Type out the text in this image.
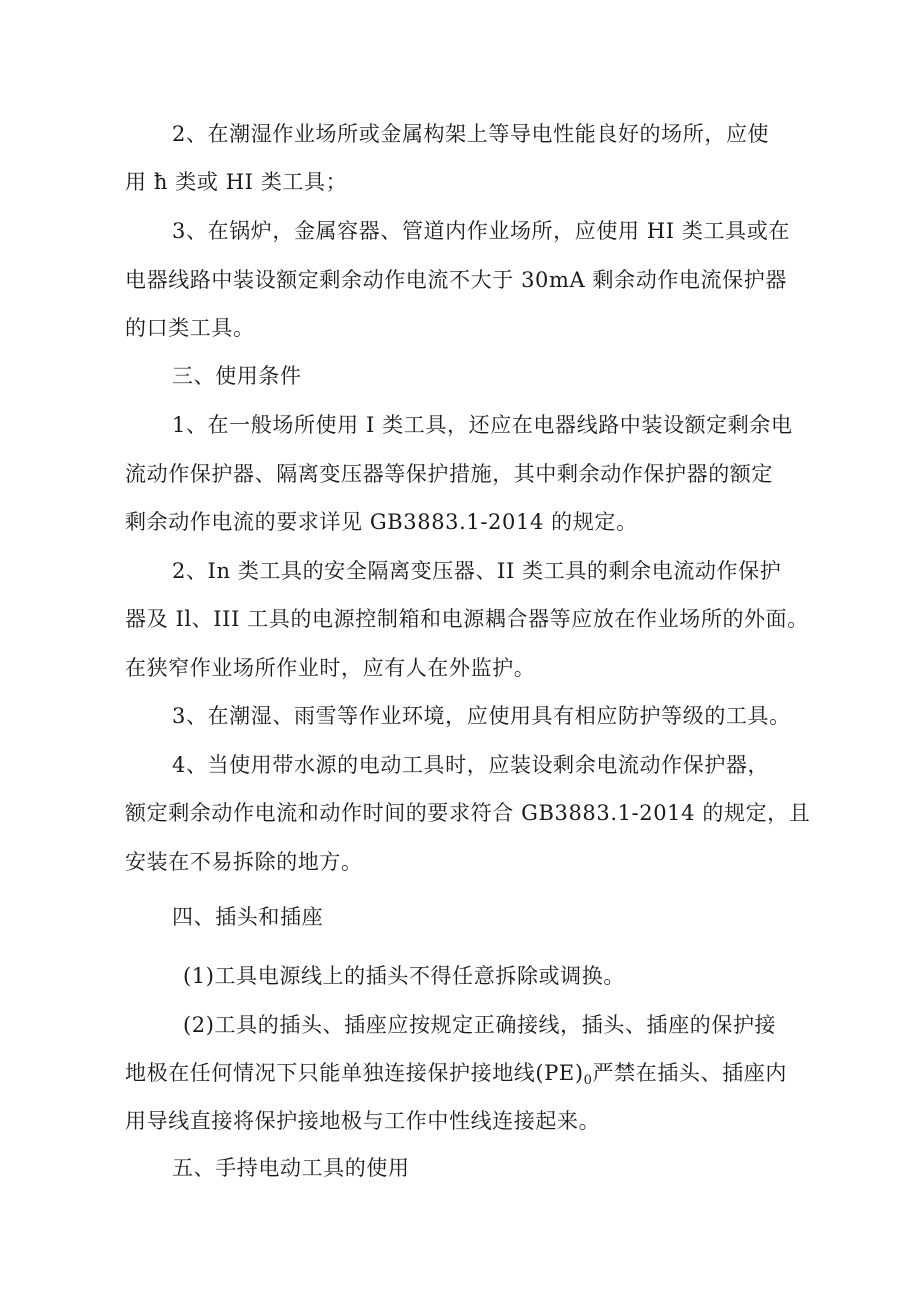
2、在潮湿作业场所或金属构架上等导电性能良好的场所，应使
用 ħ 类或 HI 类工具；
3、在锅炉，金属容器、管道内作业场所，应使用 HI 类工具或在
电器线路中装设额定剩余动作电流不大于 30mA 剩余动作电流保护器
的口类工具。
三、使用条件
1、在一般场所使用 I 类工具，还应在电器线路中装设额定剩余电
流动作保护器、隔离变压器等保护措施，其中剩余动作保护器的额定
剩余动作电流的要求详见 GB3883.1-2014 的规定。
2、In 类工具的安全隔离变压器、II 类工具的剩余电流动作保护
器及 Il、III 工具的电源控制箱和电源耦合器等应放在作业场所的外面。
在狭窄作业场所作业时，应有人在外监护。
3、在潮湿、雨雪等作业环境，应使用具有相应防护等级的工具。
4、当使用带水源的电动工具时，应装设剩余电流动作保护器，
额定剩余动作电流和动作时间的要求符合 GB3883.1-2014 的规定，且
安装在不易拆除的地方。
四、插头和插座
(1)工具电源线上的插头不得任意拆除或调换。
(2)工具的插头、插座应按规定正确接线，插头、插座的保护接
地极在任何情况下只能单独连接保护接地线$(PE)_0$严禁在插头、插座内
用导线直接将保护接地极与工作中性线连接起来。
五、手持电动工具的使用
